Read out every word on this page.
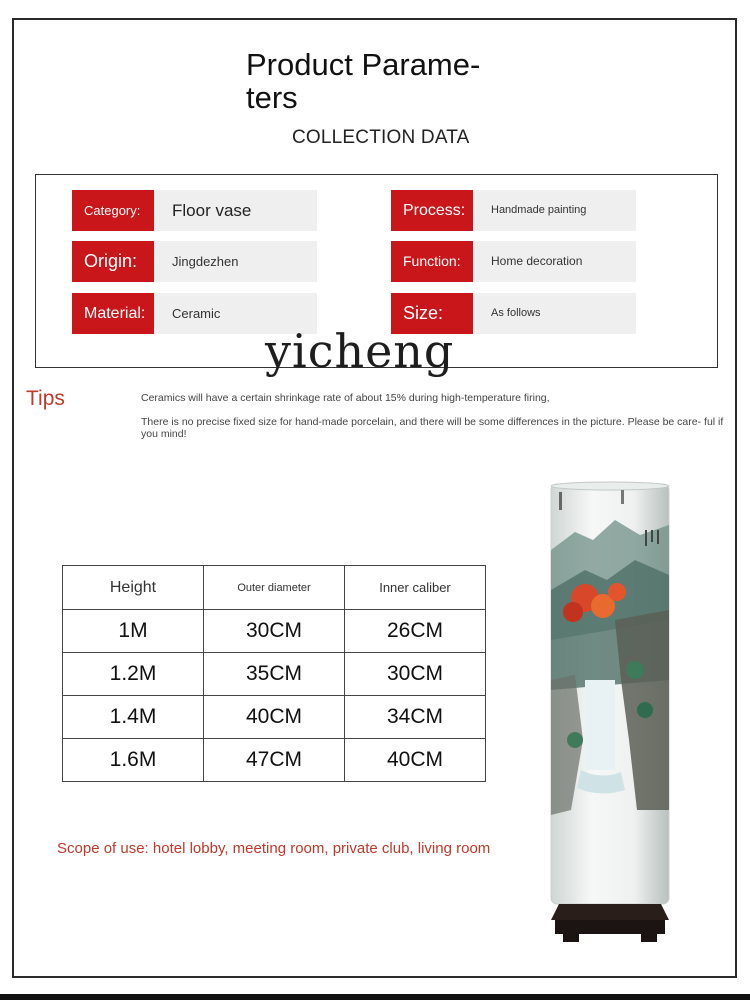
Product Parame- ters
COLLECTION DATA
Category:	Floor vase
Origin:	Jingdezhen
Material:	Ceramic
Process:	Handmade painting
Function:	Home decoration
Size:	As follows
yicheng
Tips	Ceramics will have a certain shrinkage rate of about 15% during high-temperature firing,
There is no precise fixed size for hand-made porcelain, and there will be some differences in the picture. Please be care- ful if you mind!
Height	Outer diameter	Inner caliber
1M	30CM	26CM
1.2M	35CM	30CM
1.4M	40CM	34CM
1.6M	47CM	40CM
Scope of use: hotel lobby, meeting room, private club, living room
